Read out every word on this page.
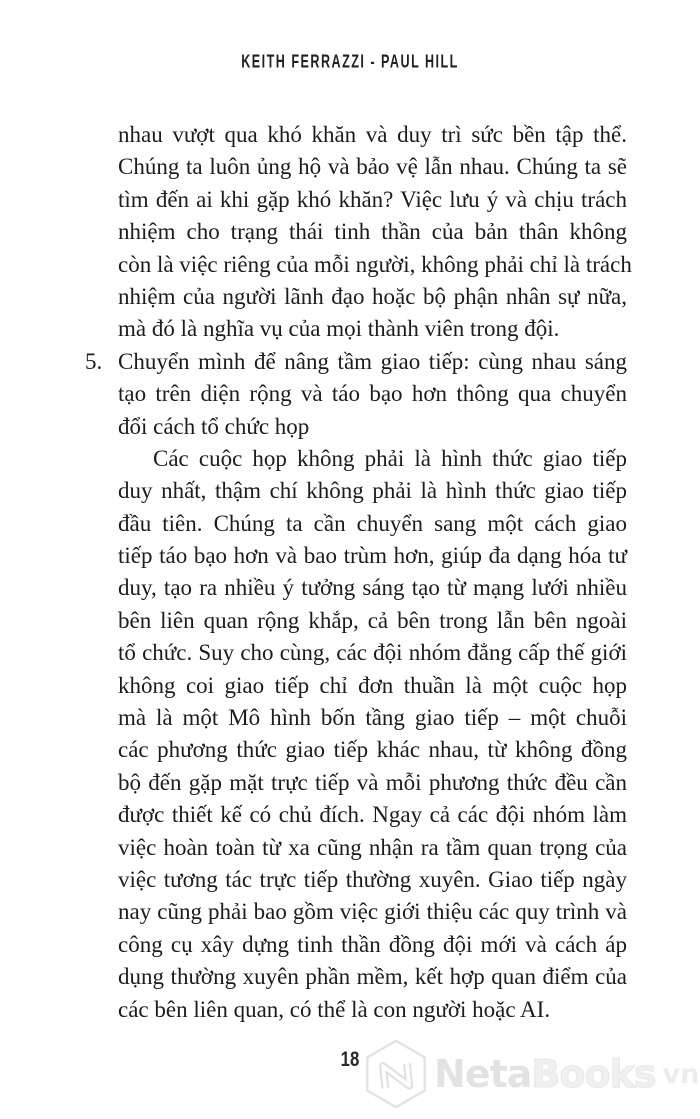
KEITH FERRAZZI - PAUL HILL
nhau vượt qua khó khăn và duy trì sức bền tập thể.
Chúng ta luôn ủng hộ và bảo vệ lẫn nhau. Chúng ta sẽ
tìm đến ai khi gặp khó khăn? Việc lưu ý và chịu trách
nhiệm cho trạng thái tinh thần của bản thân không
còn là việc riêng của mỗi người, không phải chỉ là trách
nhiệm của người lãnh đạo hoặc bộ phận nhân sự nữa,
mà đó là nghĩa vụ của mọi thành viên trong đội.
5. Chuyển mình để nâng tầm giao tiếp: cùng nhau sáng
tạo trên diện rộng và táo bạo hơn thông qua chuyển
đổi cách tổ chức họp
Các cuộc họp không phải là hình thức giao tiếp
duy nhất, thậm chí không phải là hình thức giao tiếp
đầu tiên. Chúng ta cần chuyển sang một cách giao
tiếp táo bạo hơn và bao trùm hơn, giúp đa dạng hóa tư
duy, tạo ra nhiều ý tưởng sáng tạo từ mạng lưới nhiều
bên liên quan rộng khắp, cả bên trong lẫn bên ngoài
tổ chức. Suy cho cùng, các đội nhóm đẳng cấp thế giới
không coi giao tiếp chỉ đơn thuần là một cuộc họp
mà là một Mô hình bốn tầng giao tiếp – một chuỗi
các phương thức giao tiếp khác nhau, từ không đồng
bộ đến gặp mặt trực tiếp và mỗi phương thức đều cần
được thiết kế có chủ đích. Ngay cả các đội nhóm làm
việc hoàn toàn từ xa cũng nhận ra tầm quan trọng của
việc tương tác trực tiếp thường xuyên. Giao tiếp ngày
nay cũng phải bao gồm việc giới thiệu các quy trình và
công cụ xây dựng tinh thần đồng đội mới và cách áp
dụng thường xuyên phần mềm, kết hợp quan điểm của
các bên liên quan, có thể là con người hoặc AI.
18	NetaBooks vn
